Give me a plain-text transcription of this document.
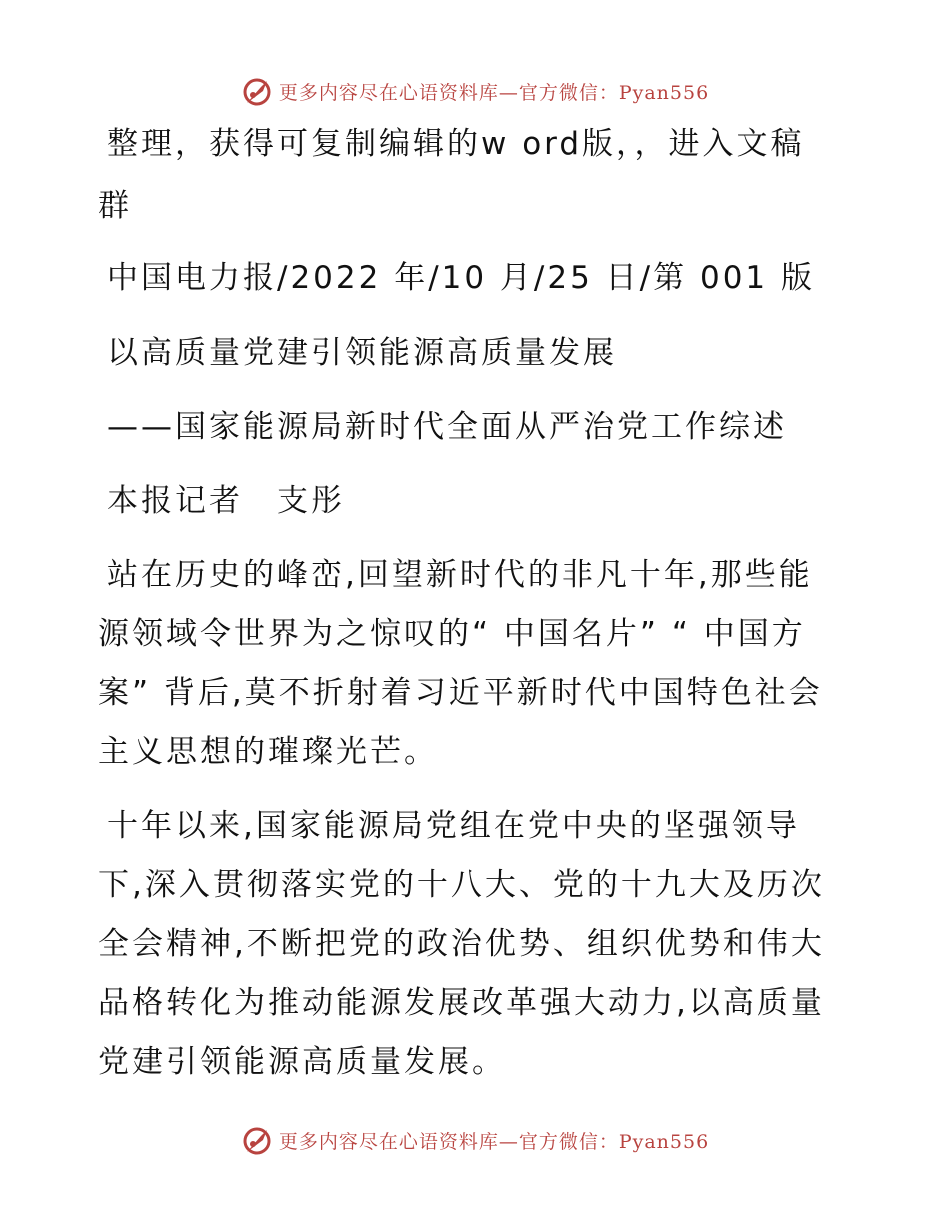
更多内容尽在心语资料库—官方微信：Pyan556
整理，获得可复制编辑的w ord版，，进入文稿
群
中国电力报/2022 年/10 月/25 日/第 001 版
以高质量党建引领能源高质量发展
——国家能源局新时代全面从严治党工作综述
本报记者　支彤
站在历史的峰峦,回望新时代的非凡十年,那些能
源领域令世界为之惊叹的“ 中国名片” “ 中国方
案” 背后,莫不折射着习近平新时代中国特色社会
主义思想的璀璨光芒。
十年以来,国家能源局党组在党中央的坚强领导
下,深入贯彻落实党的十八大、党的十九大及历次
全会精神,不断把党的政治优势、组织优势和伟大
品格转化为推动能源发展改革强大动力,以高质量
党建引领能源高质量发展。
更多内容尽在心语资料库—官方微信：Pyan556
